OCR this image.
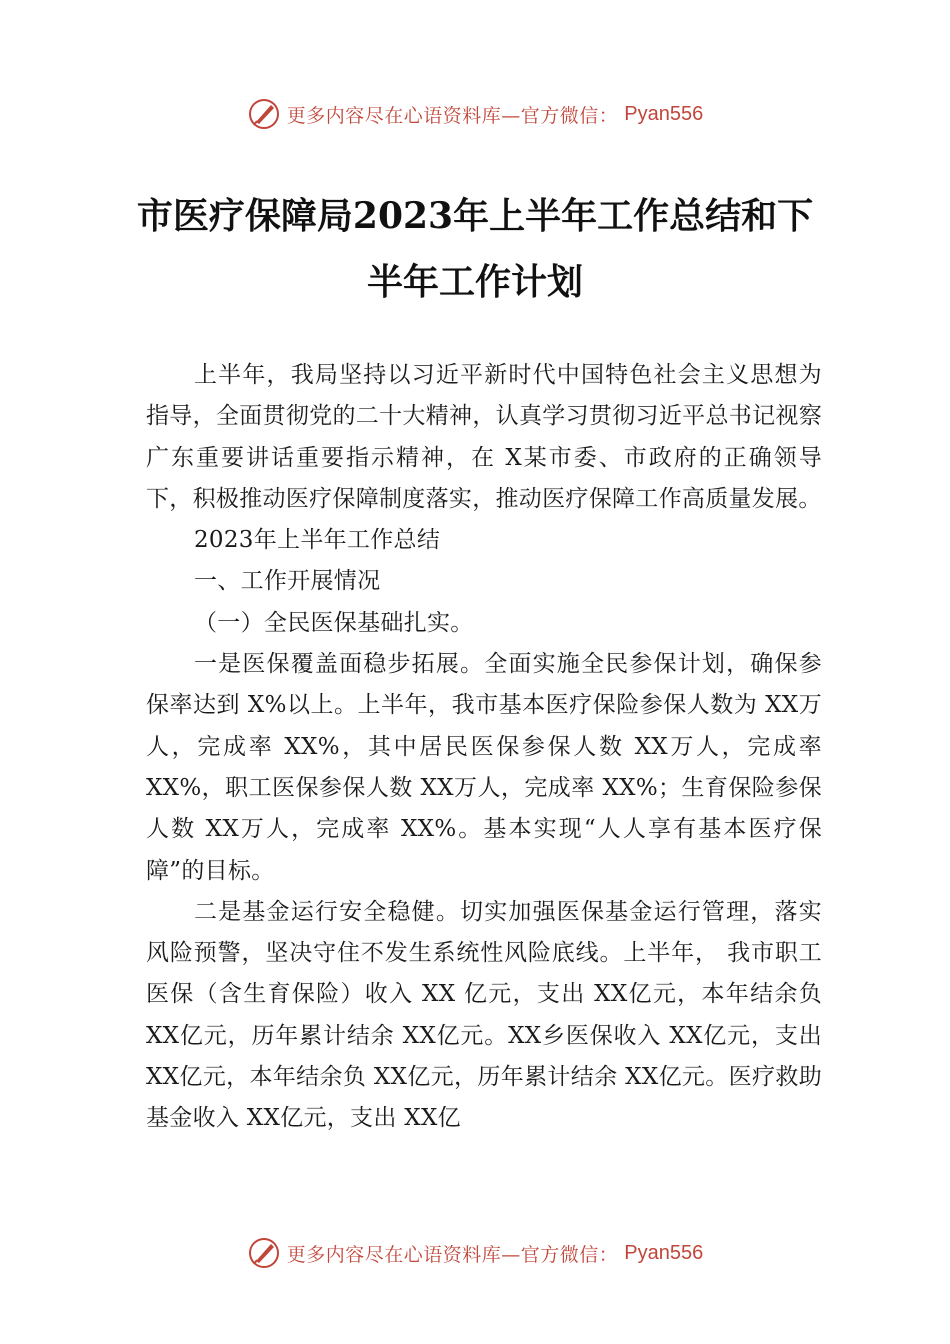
更多内容尽在心语资料库—官方微信： Pyan556
市医疗保障局2023年上半年工作总结和下
半年工作计划

上半年，我局坚持以习近平新时代中国特色社会主义思想为指导，全面贯彻党的二十大精神，认真学习贯彻习近平总书记视察广东重要讲话重要指示精神，在 X某市委、市政府的正确领导下，积极推动医疗保障制度落实，推动医疗保障工作高质量发展。

2023年上半年工作总结

一、工作开展情况

（一）全民医保基础扎实。

一是医保覆盖面稳步拓展。全面实施全民参保计划，确保参保率达到 X%以上。上半年，我市基本医疗保险参保人数为 XX万人，完成率 XX%，其中居民医保参保人数 XX万人，完成率 XX%，职工医保参保人数 XX万人，完成率 XX%；生育保险参保人数 XX万人，完成率 XX%。基本实现“人人享有基本医疗保障”的目标。

二是基金运行安全稳健。切实加强医保基金运行管理，落实风险预警，坚决守住不发生系统性风险底线。上半年， 我市职工医保（含生育保险）收入 XX 亿元，支出 XX亿元，本年结余负 XX亿元，历年累计结余 XX亿元。XX乡医保收入 XX亿元，支出 XX亿元，本年结余负 XX亿元，历年累计结余 XX亿元。医疗救助基金收入 XX亿元，支出 XX亿

更多内容尽在心语资料库—官方微信： Pyan556
